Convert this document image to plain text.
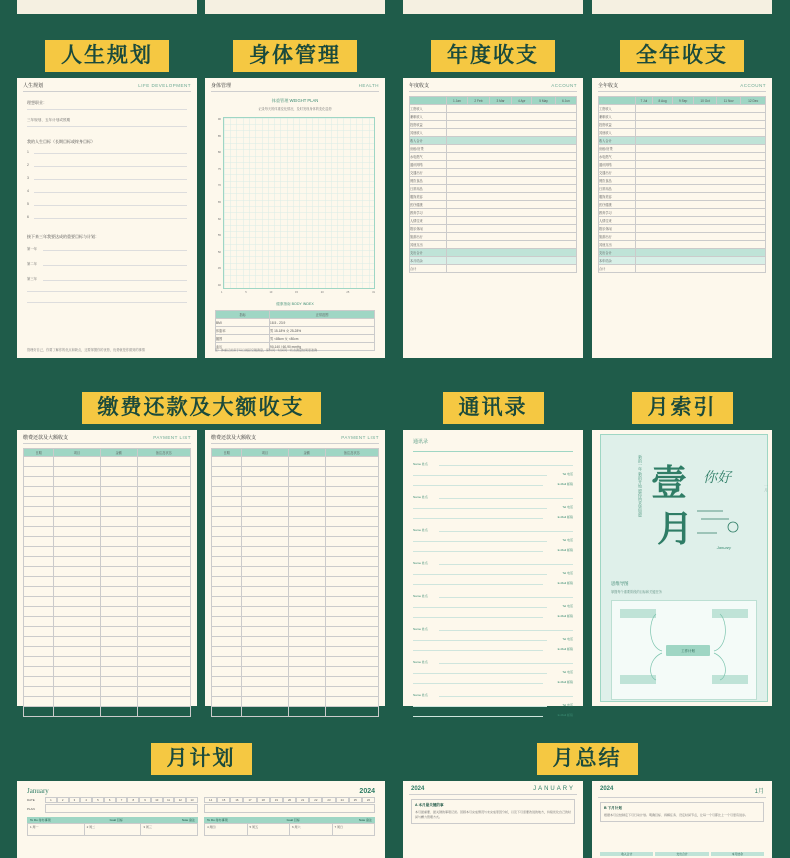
人生规划	身体管理	年度收支	全年收支
人生规划	LIFE DEVELOPMENT
理想职业：
三年规划、五年计划或预期
我的人生目标（长期目标或终身目标）
1
2
3
4
5
6
接下来三年我要达成的重要目标与计划：
第一年
第二年
第三年
管理好自己，你要了解你的优点和缺点，还要掌握你的优势，优势就是你做到的事情
身体管理	HEALTH
体重管理 WEIGHT PLAN
记录每天的体重变化情况，及时发现身体的变化趋势
90
85
80
75
70
65
60
55
50
45
40
1	5	10	15	20	25	31
健康指南 BODY INDEX
指标	正常范围
BMI	18.5 - 23.9
体脂率	男 15-18% 女 25-28%
腰围	男 <85cm 女 <80cm
血压	90-140 / 60-90 mmHg
注：体重记录请于每日晨起空腹测量，保持同一时间同一状态测量结果更准确
年度收支	ACCOUNT
	1 Jan	2 Feb	3 Mar	4 Apr	5 May	6 Jun
工资收入						
兼职收入						
投资收益						
其他收入						
收入合计						
房租/房贷						
水电燃气						
通讯网络						
交通出行						
餐饮食品						
日常用品						
服饰美容						
医疗健康						
教育学习						
人情往来						
娱乐休闲						
旅游出行						
其他支出						
支出合计						
本月结余						
合计						
全年收支	ACCOUNT
	7 Jul	8 Aug	9 Sep	10 Oct	11 Nov	12 Dec
工资收入						
兼职收入						
投资收益						
其他收入						
收入合计						
房租/房贷						
水电燃气						
通讯网络						
交通出行						
餐饮食品						
日常用品						
服饰美容						
医疗健康						
教育学习						
人情往来						
娱乐休闲						
旅游出行						
其他支出						
支出合计						
本年结余						
合计						
缴费还款及大额收支	通讯录	月索引
缴费还款及大额收支	PAYMENT LIST
日期	项目	金额	备注及状态

缴费还款及大额收支	PAYMENT LIST
日期	项目	金额	备注及状态

通讯录
Name 姓名
Tel 电话
E-Mail 邮箱
Name 姓名
Tel 电话
E-Mail 邮箱
Name 姓名
Tel 电话
E-Mail 邮箱
Name 姓名
Tel 电话
E-Mail 邮箱
Name 姓名
Tel 电话
E-Mail 邮箱
Name 姓名
Tel 电话
E-Mail 邮箱
Name 姓名
Tel 电话
E-Mail 邮箱
Name 姓名
Tel 电话
E-Mail 邮箱
壹
月
你好
新的一年 新的开始 愿你所求皆如愿
January
思维导图
掌握每个重要阶段的目标和关键任务
工作计划
一月
月计划	月总结
January	2024
DATE	1	2	3	4	5	6	7	8	9	10	11	12	13
PLAN
14	15	16	17	18	19	20	21	22	23	24	25	26
To Do 待办事项	Goal 目标	Note 备注
1 周一	2 周二	3 周三
To Do 待办事项	Goal 目标	Note 备注
4 周四	5 周五	6 周六	7 周日
2024	JANUARY
A 本月最关键的事
本月最重要、最关键的事项记录。回顾本月完成情况与未完成原因分析，以及下月需要改进的地方，持续优化自己的时间与精力管理方式。
2024	1月
B 下月计划
根据本月总结制定下月行动计划。明确目标、拆解任务、设定时间节点，让每一个月都比上一个月更有进步。
收入合计	支出合计	本月结余
